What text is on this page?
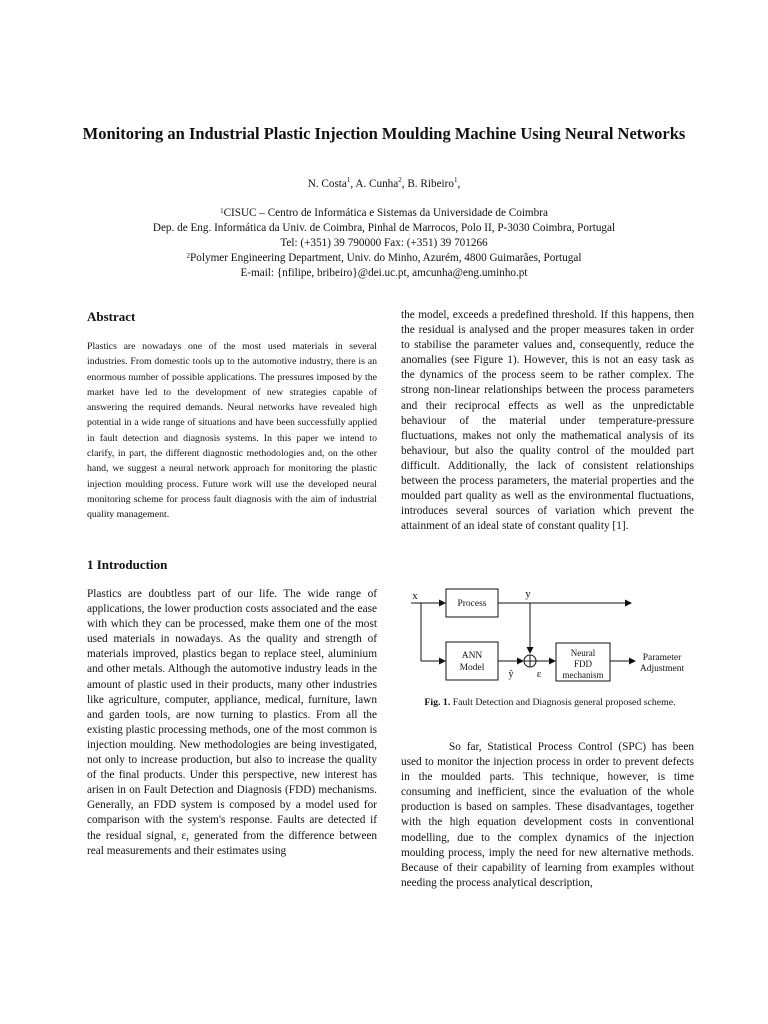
Monitoring an Industrial Plastic Injection Moulding Machine Using Neural Networks
N. Costa$^1$, A. Cunha$^2$, B. Ribeiro$^1$,
$^1$CISUC – Centro de Informática e Sistemas da Universidade de Coimbra
Dep. de Eng. Informática da Univ. de Coimbra, Pinhal de Marrocos, Polo II, P-3030 Coimbra, Portugal
Tel: (+351) 39 790000 Fax: (+351) 39 701266
$^2$Polymer Engineering Department, Univ. do Minho, Azurém, 4800 Guimarães, Portugal
E-mail: {nfilipe, bribeiro}@dei.uc.pt, amcunha@eng.uminho.pt
Abstract

Plastics are nowadays one of the most used materials in several industries. From domestic tools up to the automotive industry, there is an enormous number of possible applications. The pressures imposed by the market have led to the development of new strategies capable of answering the required demands. Neural networks have revealed high potential in a wide range of situations and have been successfully applied in fault detection and diagnosis systems. In this paper we intend to clarify, in part, the different diagnostic methodologies and, on the other hand, we suggest a neural network approach for monitoring the plastic injection moulding process. Future work will use the developed neural monitoring scheme for process fault diagnosis with the aim of industrial quality management.

1 Introduction

Plastics are doubtless part of our life. The wide range of applications, the lower production costs associated and the ease with which they can be processed, make them one of the most used materials in nowadays. As the quality and strength of materials improved, plastics began to replace steel, aluminium and other metals. Although the automotive industry leads in the amount of plastic used in their products, many other industries like agriculture, computer, appliance, medical, furniture, lawn and garden tools, are now turning to plastics. From all the existing plastic processing methods, one of the most common is injection moulding. New methodologies are being investigated, not only to increase production, but also to increase the quality of the final products. Under this perspective, new interest has arisen in on Fault Detection and Diagnosis (FDD) mechanisms. Generally, an FDD system is composed by a model used for comparison with the system's response. Faults are detected if the residual signal, ε, generated from the difference between real measurements and their estimates using

the model, exceeds a predefined threshold. If this happens, then the residual is analysed and the proper measures taken in order to stabilise the parameter values and, consequently, reduce the anomalies (see Figure 1). However, this is not an easy task as the dynamics of the process seem to be rather complex. The strong non-linear relationships between the process parameters and their reciprocal effects as well as the unpredictable behaviour of the material under temperature-pressure fluctuations, makes not only the mathematical analysis of its behaviour, but also the quality control of the moulded part difficult. Additionally, the lack of consistent relationships between the process parameters, the material properties and the moulded part quality as well as the environmental fluctuations, introduces several sources of variation which prevent the attainment of an ideal state of constant quality [1].

x	y
Process
ANN
Model
ŷ ε
Neural
FDD
mechanism
Parameter
Adjustment
Fig. 1. Fault Detection and Diagnosis general proposed scheme.

So far, Statistical Process Control (SPC) has been used to monitor the injection process in order to prevent defects in the moulded parts. This technique, however, is time consuming and inefficient, since the evaluation of the whole production is based on samples. These disadvantages, together with the high equation development costs in conventional modelling, due to the complex dynamics of the injection moulding process, imply the need for new alternative methods. Because of their capability of learning from examples without needing the process analytical description,
